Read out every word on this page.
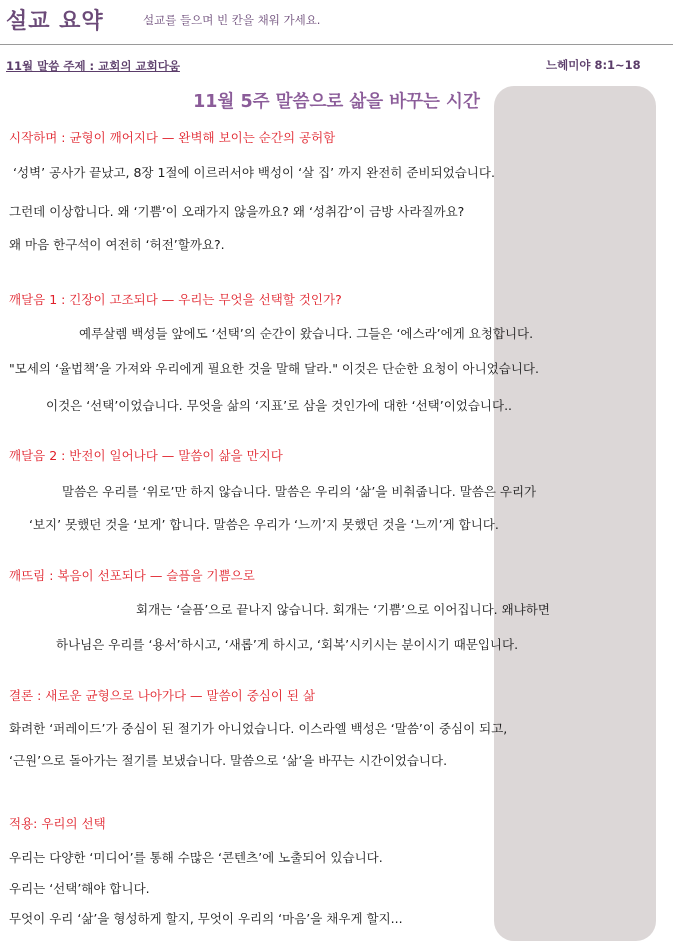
설교 요약	설교를 들으며 빈 칸을 채워 가세요.
11월 말씀 주제 : 교회의 교회다움	느헤미야 8:1~18
11월 5주 말씀으로 삶을 바꾸는 시간
시작하며 : 균형이 깨어지다 — 완벽해 보이는 순간의 공허함
‘성벽’ 공사가 끝났고, 8장 1절에 이르러서야 백성이 ‘살 집’ 까지 완전히 준비되었습니다.
그런데 이상합니다. 왜 ‘기쁨’이 오래가지 않을까요? 왜 ‘성취감’이 금방 사라질까요?
왜 마음 한구석이 여전히 ‘허전’할까요?.
깨달음 1 : 긴장이 고조되다 — 우리는 무엇을 선택할 것인가?
예루살렘 백성들 앞에도 ‘선택’의 순간이 왔습니다. 그들은 ‘에스라’에게 요청합니다.
"모세의 ‘율법책’을 가져와 우리에게 필요한 것을 말해 달라." 이것은 단순한 요청이 아니었습니다.
이것은 ‘선택’이었습니다. 무엇을 삶의 ‘지표’로 삼을 것인가에 대한 ‘선택’이었습니다..
깨달음 2 : 반전이 일어나다 — 말씀이 삶을 만지다
말씀은 우리를 ‘위로’만 하지 않습니다. 말씀은 우리의 ‘삶’을 비춰줍니다. 말씀은 우리가
‘보지’ 못했던 것을 ‘보게’ 합니다. 말씀은 우리가 ‘느끼’지 못했던 것을 ‘느끼’게 합니다.
깨뜨림 : 복음이 선포되다 — 슬픔을 기쁨으로
회개는 ‘슬픔’으로 끝나지 않습니다. 회개는 ‘기쁨’으로 이어집니다. 왜냐하면
하나님은 우리를 ‘용서’하시고, ‘새롭’게 하시고, ‘회복’시키시는 분이시기 때문입니다.
결론 : 새로운 균형으로 나아가다 — 말씀이 중심이 된 삶
화려한 ‘퍼레이드’가 중심이 된 절기가 아니었습니다. 이스라엘 백성은 ‘말씀’이 중심이 되고,
‘근원’으로 돌아가는 절기를 보냈습니다. 말씀으로 ‘삶’을 바꾸는 시간이었습니다.
적용: 우리의 선택
우리는 다양한 ‘미디어’를 통해 수많은 ‘콘텐츠’에 노출되어 있습니다.
우리는 ‘선택’해야 합니다.
무엇이 우리 ‘삶’을 형성하게 할지, 무엇이 우리의 ‘마음’을 채우게 할지...
